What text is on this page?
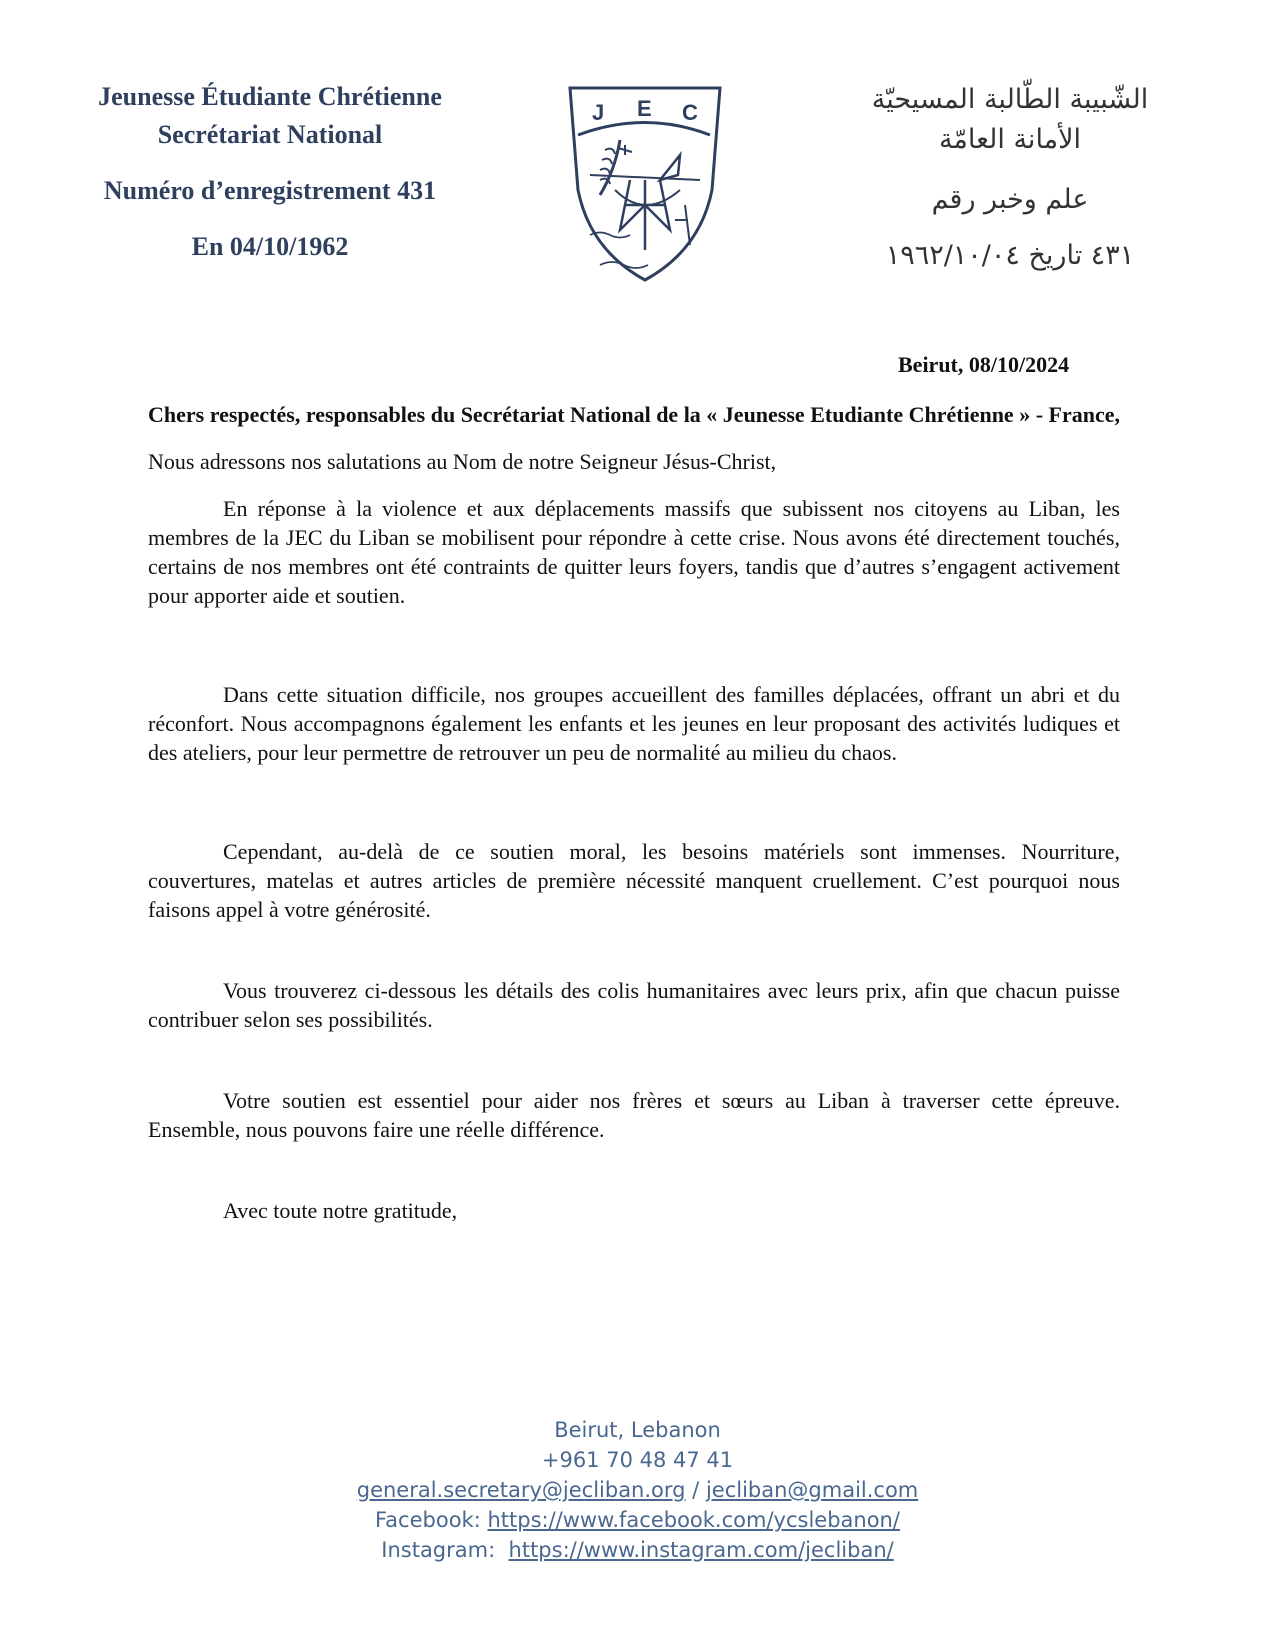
Jeunesse Étudiante Chrétienne
Secrétariat National
Numéro d’enregistrement 431
En 04/10/1962
J E C	الشّبيبة الطّالبة المسيحيّة
الأمانة العامّة
علم وخبر رقم
٤٣١ تاريخ ١٩٦٢/١٠/٠٤
Beirut, 08/10/2024

Chers respectés, responsables du Secrétariat National de la « Jeunesse Etudiante Chrétienne » - France,

Nous adressons nos salutations au Nom de notre Seigneur Jésus-Christ,

En réponse à la violence et aux déplacements massifs que subissent nos citoyens au Liban, les membres de la JEC du Liban se mobilisent pour répondre à cette crise. Nous avons été directement touchés, certains de nos membres ont été contraints de quitter leurs foyers, tandis que d’autres s’engagent activement pour apporter aide et soutien.

Dans cette situation difficile, nos groupes accueillent des familles déplacées, offrant un abri et du réconfort. Nous accompagnons également les enfants et les jeunes en leur proposant des activités ludiques et des ateliers, pour leur permettre de retrouver un peu de normalité au milieu du chaos.

Cependant, au-delà de ce soutien moral, les besoins matériels sont immenses. Nourriture, couvertures, matelas et autres articles de première nécessité manquent cruellement. C’est pourquoi nous faisons appel à votre générosité.

Vous trouverez ci-dessous les détails des colis humanitaires avec leurs prix, afin que chacun puisse contribuer selon ses possibilités.

Votre soutien est essentiel pour aider nos frères et sœurs au Liban à traverser cette épreuve. Ensemble, nous pouvons faire une réelle différence.

Avec toute notre gratitude,

Beirut, Lebanon
+961 70 48 47 41
general.secretary@jecliban.org / jecliban@gmail.com
Facebook: https://www.facebook.com/ycslebanon/
Instagram:  https://www.instagram.com/jecliban/
